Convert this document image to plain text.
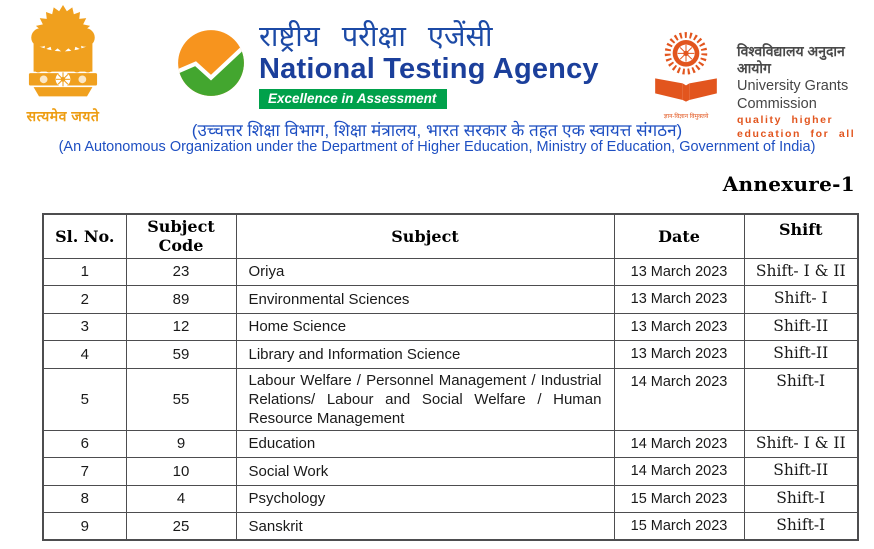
सत्यमेव जयते
राष्ट्रीय परीक्षा एजेंसी
National Testing Agency
Excellence in Assessment
ज्ञान-विज्ञान विमुक्तये
विश्वविद्यालय अनुदान आयोग
University Grants Commission
quality higher education for all
(उच्चत्तर शिक्षा विभाग, शिक्षा मंत्रालय, भारत सरकार के तहत एक स्वायत्त संगठन)
(An Autonomous Organization under the Department of Higher Education, Ministry of Education, Government of India)
Annexure-1
Sl. No.	Subject Code	Subject	Date	Shift
1	23	Oriya	13 March 2023	Shift- I & II
2	89	Environmental Sciences	13 March 2023	Shift- I
3	12	Home Science	13 March 2023	Shift-II
4	59	Library and Information Science	13 March 2023	Shift-II
5	55	Labour Welfare / Personnel Management / Industrial Relations/ Labour and Social Welfare / Human Resource Management	14 March 2023	Shift-I
6	9	Education	14 March 2023	Shift- I & II
7	10	Social Work	14 March 2023	Shift-II
8	4	Psychology	15 March 2023	Shift-I
9	25	Sanskrit	15 March 2023	Shift-I
